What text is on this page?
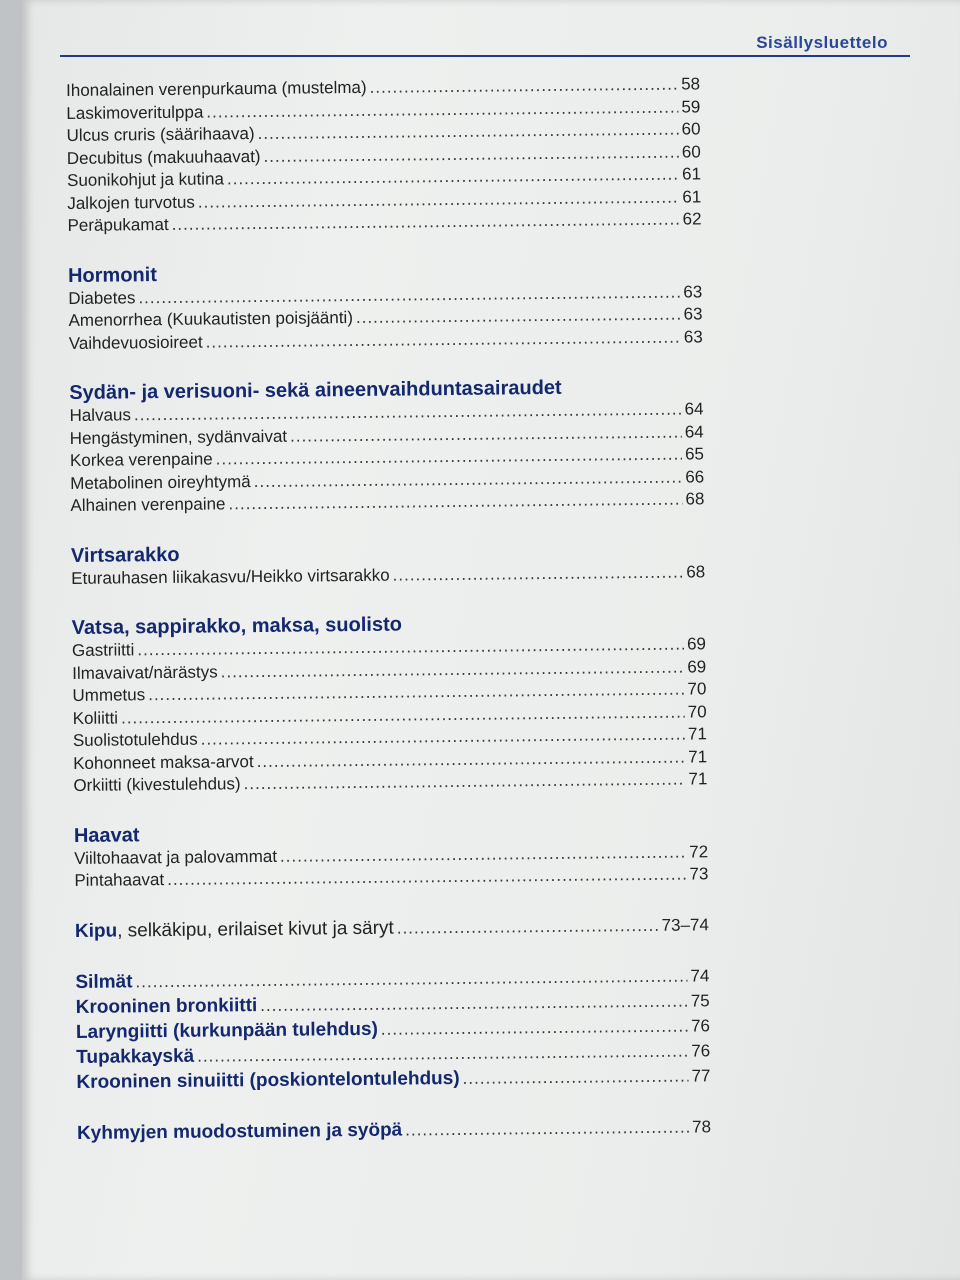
Sisällysluettelo
Ihonalainen verenpurkauma (mustelma) .....	58
Laskimoveritulppa .....	59
Ulcus cruris (säärihaava) .....	60
Decubitus (makuuhaavat) .....	60
Suonikohjut ja kutina .....	61
Jalkojen turvotus .....	61
Peräpukamat .....	62
Hormonit
Diabetes .....	63
Amenorrhea (Kuukautisten poisjäänti) .....	63
Vaihdevuosioireet .....	63
Sydän- ja verisuoni- sekä aineenvaihduntasairaudet
Halvaus .....	64
Hengästyminen, sydänvaivat .....	64
Korkea verenpaine .....	65
Metabolinen oireyhtymä .....	66
Alhainen verenpaine .....	68
Virtsarakko
Eturauhasen liikakasvu/Heikko virtsarakko .....	68
Vatsa, sappirakko, maksa, suolisto
Gastriitti .....	69
Ilmavaivat/närästys .....	69
Ummetus .....	70
Koliitti .....	70
Suolistotulehdus .....	71
Kohonneet maksa-arvot .....	71
Orkiitti (kivestulehdus) .....	71
Haavat
Viiltohaavat ja palovammat .....	72
Pintahaavat .....	73
Kipu, selkäkipu, erilaiset kivut ja säryt .....	73–74
Silmät .....	74
Krooninen bronkiitti .....	75
Laryngiitti (kurkunpään tulehdus) .....	76
Tupakkayskä .....	76
Krooninen sinuiitti (poskiontelontulehdus) .....	77
Kyhmyjen muodostuminen ja syöpä .....	78
